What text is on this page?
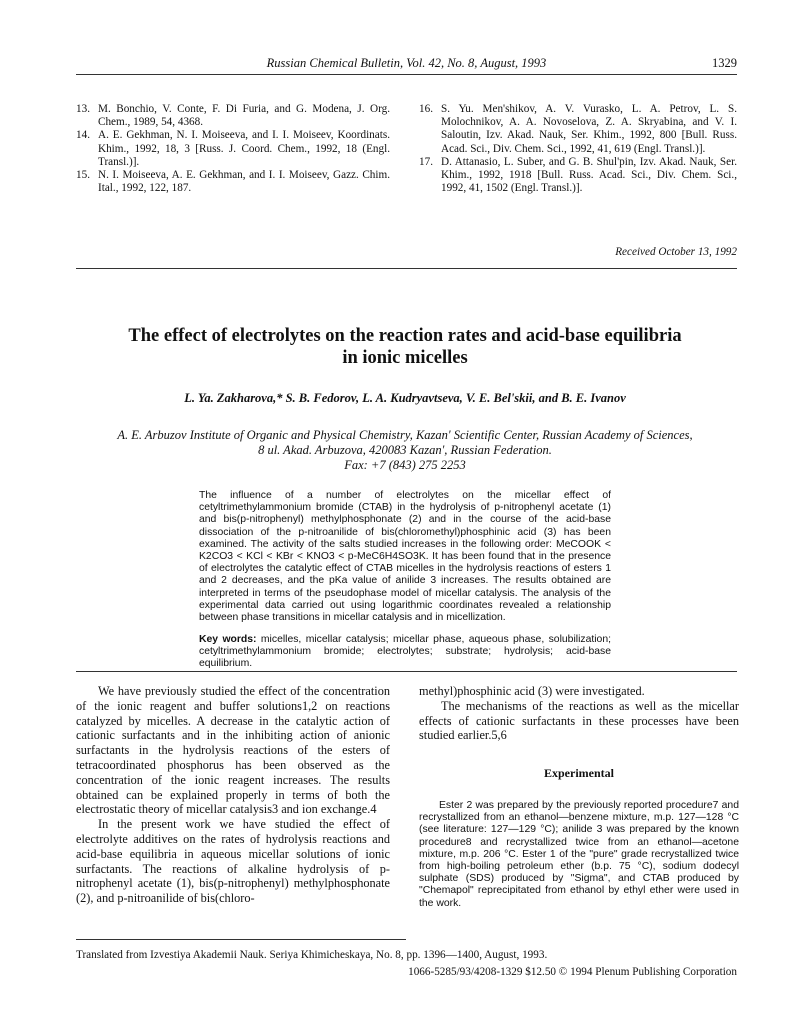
Russian Chemical Bulletin, Vol. 42, No. 8, August, 1993	1329
13. M. Bonchio, V. Conte, F. Di Furia, and G. Modena, J. Org. Chem., 1989, 54, 4368.
14. A. E. Gekhman, N. I. Moiseeva, and I. I. Moiseev, Koordinats. Khim., 1992, 18, 3 [Russ. J. Coord. Chem., 1992, 18 (Engl. Transl.)].
15. N. I. Moiseeva, A. E. Gekhman, and I. I. Moiseev, Gazz. Chim. Ital., 1992, 122, 187.
16. S. Yu. Men'shikov, A. V. Vurasko, L. A. Petrov, L. S. Molochnikov, A. A. Novoselova, Z. A. Skryabina, and V. I. Saloutin, Izv. Akad. Nauk, Ser. Khim., 1992, 800 [Bull. Russ. Acad. Sci., Div. Chem. Sci., 1992, 41, 619 (Engl. Transl.)].
17. D. Attanasio, L. Suber, and G. B. Shul'pin, Izv. Akad. Nauk, Ser. Khim., 1992, 1918 [Bull. Russ. Acad. Sci., Div. Chem. Sci., 1992, 41, 1502 (Engl. Transl.)].
Received October 13, 1992
The effect of electrolytes on the reaction rates and acid-base equilibria
in ionic micelles
L. Ya. Zakharova,* S. B. Fedorov, L. A. Kudryavtseva, V. E. Bel'skii, and B. E. Ivanov
A. E. Arbuzov Institute of Organic and Physical Chemistry, Kazan' Scientific Center, Russian Academy of Sciences,
8 ul. Akad. Arbuzova, 420083 Kazan', Russian Federation.
Fax: +7 (843) 275 2253
The influence of a number of electrolytes on the micellar effect of cetyltrimethylammonium bromide (CTAB) in the hydrolysis of p-nitrophenyl acetate (1) and bis(p-nitrophenyl) methylphosphonate (2) and in the course of the acid-base dissociation of the p-nitroanilide of bis(chloromethyl)phosphinic acid (3) has been examined. The activity of the salts studied increases in the following order: MeCOOK < K2CO3 < KCl < KBr < KNO3 < p-MeC6H4SO3K. It has been found that in the presence of electrolytes the catalytic effect of CTAB micelles in the hydrolysis reactions of esters 1 and 2 decreases, and the pKa value of anilide 3 increases. The results obtained are interpreted in terms of the pseudophase model of micellar catalysis. The analysis of the experimental data carried out using logarithmic coordinates revealed a relationship between phase transitions in micellar catalysis and in micellization.
Key words: micelles, micellar catalysis; micellar phase, aqueous phase, solubilization; cetyltrimethylammonium bromide; electrolytes; substrate; hydrolysis; acid-base equilibrium.

We have previously studied the effect of the concentration of the ionic reagent and buffer solutions1,2 on reactions catalyzed by micelles. A decrease in the catalytic action of cationic surfactants and in the inhibiting action of anionic surfactants in the hydrolysis reactions of the esters of tetracoordinated phosphorus has been observed as the concentration of the ionic reagent increases. The results obtained can be explained properly in terms of both the electrostatic theory of micellar catalysis3 and ion exchange.4

In the present work we have studied the effect of electrolyte additives on the rates of hydrolysis reactions and acid-base equilibria in aqueous micellar solutions of ionic surfactants. The reactions of alkaline hydrolysis of p-nitrophenyl acetate (1), bis(p-nitrophenyl) methylphosphonate (2), and p-nitroanilide of bis(chloro-

methyl)phosphinic acid (3) were investigated.

The mechanisms of the reactions as well as the micellar effects of cationic surfactants in these processes have been studied earlier.5,6

Experimental
Ester 2 was prepared by the previously reported procedure7 and recrystallized from an ethanol—benzene mixture, m.p. 127—128 °C (see literature: 127—129 °C); anilide 3 was prepared by the known procedure8 and recrystallized twice from an ethanol—acetone mixture, m.p. 206 °C. Ester 1 of the "pure" grade recrystallized twice from high-boiling petroleum ether (b.p. 75 °C), sodium dodecyl sulphate (SDS) produced by "Sigma", and CTAB produced by "Chemapol" reprecipitated from ethanol by ethyl ether were used in the work.
Translated from Izvestiya Akademii Nauk. Seriya Khimicheskaya, No. 8, pp. 1396—1400, August, 1993.
1066-5285/93/4208-1329 $12.50 © 1994 Plenum Publishing Corporation
